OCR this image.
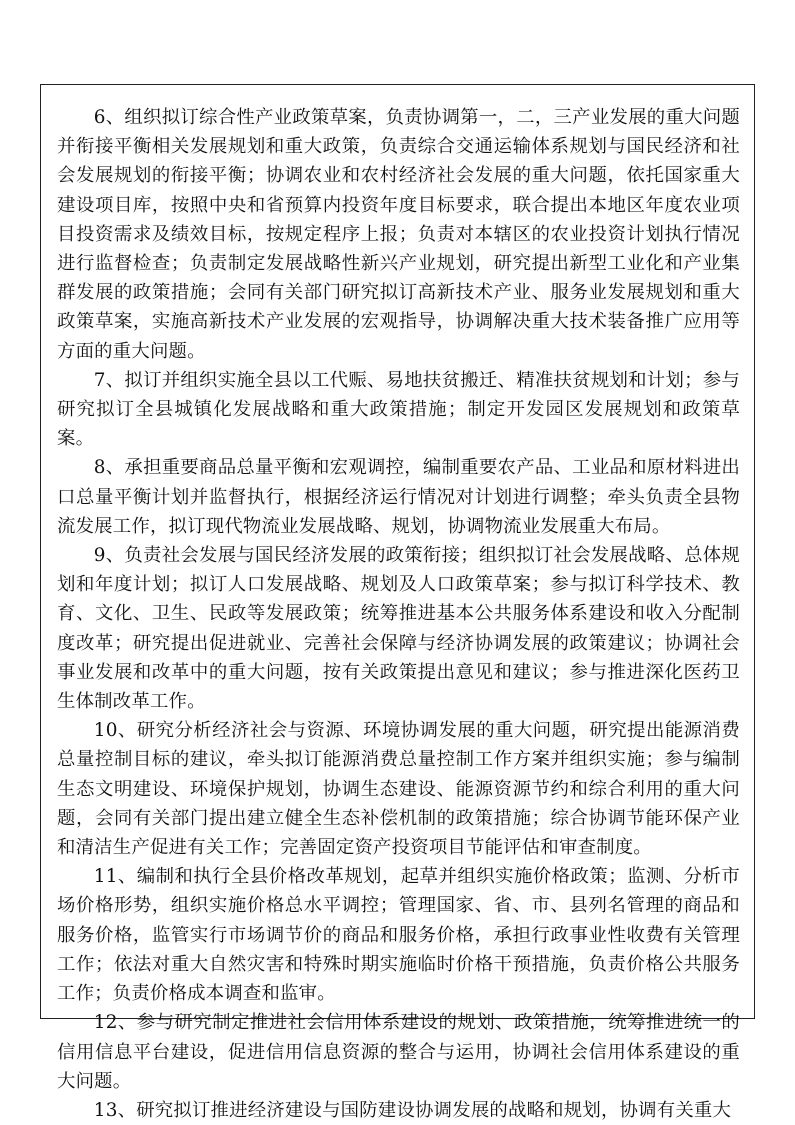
6、组织拟订综合性产业政策草案，负责协调第一，二，三产业发展的重大问题并衔接平衡相关发展规划和重大政策，负责综合交通运输体系规划与国民经济和社会发展规划的衔接平衡；协调农业和农村经济社会发展的重大问题，依托国家重大建设项目库，按照中央和省预算内投资年度目标要求，联合提出本地区年度农业项目投资需求及绩效目标，按规定程序上报；负责对本辖区的农业投资计划执行情况进行监督检查；负责制定发展战略性新兴产业规划，研究提出新型工业化和产业集群发展的政策措施；会同有关部门研究拟订高新技术产业、服务业发展规划和重大政策草案，实施高新技术产业发展的宏观指导，协调解决重大技术装备推广应用等方面的重大问题。

7、拟订并组织实施全县以工代赈、易地扶贫搬迁、精准扶贫规划和计划；参与研究拟订全县城镇化发展战略和重大政策措施；制定开发园区发展规划和政策草案。

8、承担重要商品总量平衡和宏观调控，编制重要农产品、工业品和原材料进出口总量平衡计划并监督执行，根据经济运行情况对计划进行调整；牵头负责全县物流发展工作，拟订现代物流业发展战略、规划，协调物流业发展重大布局。

9、负责社会发展与国民经济发展的政策衔接；组织拟订社会发展战略、总体规划和年度计划；拟订人口发展战略、规划及人口政策草案；参与拟订科学技术、教育、文化、卫生、民政等发展政策；统筹推进基本公共服务体系建设和收入分配制度改革；研究提出促进就业、完善社会保障与经济协调发展的政策建议；协调社会事业发展和改革中的重大问题，按有关政策提出意见和建议；参与推进深化医药卫生体制改革工作。

10、研究分析经济社会与资源、环境协调发展的重大问题，研究提出能源消费总量控制目标的建议，牵头拟订能源消费总量控制工作方案并组织实施；参与编制生态文明建设、环境保护规划，协调生态建设、能源资源节约和综合利用的重大问题，会同有关部门提出建立健全生态补偿机制的政策措施；综合协调节能环保产业和清洁生产促进有关工作；完善固定资产投资项目节能评估和审查制度。

11、编制和执行全县价格改革规划，起草并组织实施价格政策；监测、分析市场价格形势，组织实施价格总水平调控；管理国家、省、市、县列名管理的商品和服务价格，监管实行市场调节价的商品和服务价格，承担行政事业性收费有关管理工作；依法对重大自然灾害和特殊时期实施临时价格干预措施，负责价格公共服务工作；负责价格成本调查和监审。

12、参与研究制定推进社会信用体系建设的规划、政策措施，统筹推进统一的信用信息平台建设，促进信用信息资源的整合与运用，协调社会信用体系建设的重大问题。

13、研究拟订推进经济建设与国防建设协调发展的战略和规划，协调有关重大
